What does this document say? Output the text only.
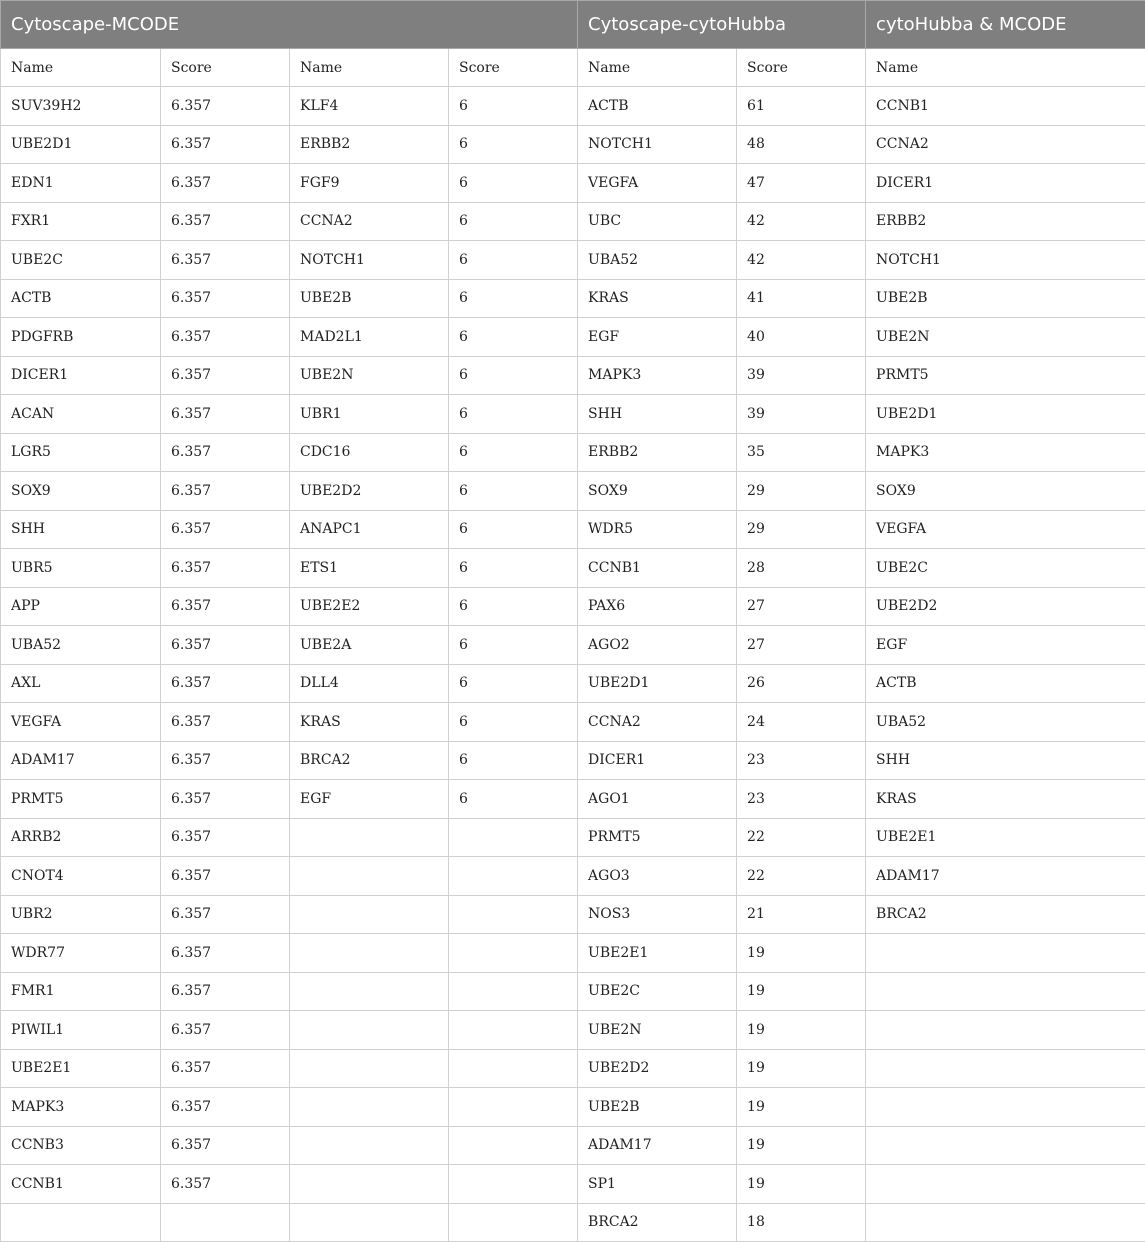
Cytoscape-MCODE				Cytoscape-cytoHubba		cytoHubba & MCODE
Name	Score	Name	Score	Name	Score	Name
SUV39H2	6.357	KLF4	6	ACTB	61	CCNB1
UBE2D1	6.357	ERBB2	6	NOTCH1	48	CCNA2
EDN1	6.357	FGF9	6	VEGFA	47	DICER1
FXR1	6.357	CCNA2	6	UBC	42	ERBB2
UBE2C	6.357	NOTCH1	6	UBA52	42	NOTCH1
ACTB	6.357	UBE2B	6	KRAS	41	UBE2B
PDGFRB	6.357	MAD2L1	6	EGF	40	UBE2N
DICER1	6.357	UBE2N	6	MAPK3	39	PRMT5
ACAN	6.357	UBR1	6	SHH	39	UBE2D1
LGR5	6.357	CDC16	6	ERBB2	35	MAPK3
SOX9	6.357	UBE2D2	6	SOX9	29	SOX9
SHH	6.357	ANAPC1	6	WDR5	29	VEGFA
UBR5	6.357	ETS1	6	CCNB1	28	UBE2C
APP	6.357	UBE2E2	6	PAX6	27	UBE2D2
UBA52	6.357	UBE2A	6	AGO2	27	EGF
AXL	6.357	DLL4	6	UBE2D1	26	ACTB
VEGFA	6.357	KRAS	6	CCNA2	24	UBA52
ADAM17	6.357	BRCA2	6	DICER1	23	SHH
PRMT5	6.357	EGF	6	AGO1	23	KRAS
ARRB2	6.357			PRMT5	22	UBE2E1
CNOT4	6.357			AGO3	22	ADAM17
UBR2	6.357			NOS3	21	BRCA2
WDR77	6.357			UBE2E1	19	
FMR1	6.357			UBE2C	19	
PIWIL1	6.357			UBE2N	19	
UBE2E1	6.357			UBE2D2	19	
MAPK3	6.357			UBE2B	19	
CCNB3	6.357			ADAM17	19	
CCNB1	6.357			SP1	19	
				BRCA2	18	
